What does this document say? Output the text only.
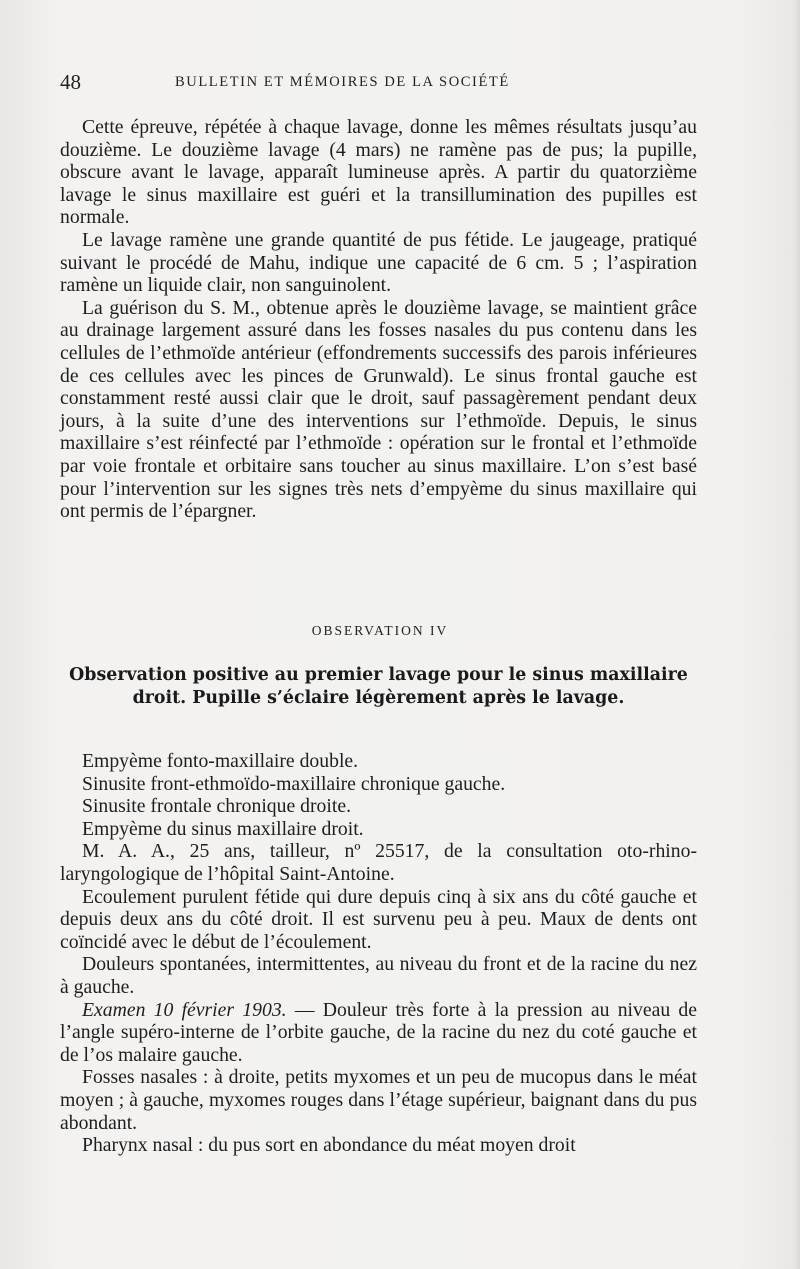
48	BULLETIN ET MÉMOIRES DE LA SOCIÉTÉ

Cette épreuve, répétée à chaque lavage, donne les mêmes résultats jusqu’au douzième. Le douzième lavage (4 mars) ne ramène pas de pus; la pupille, obscure avant le lavage, apparaît lumineuse après. A partir du quatorzième lavage le sinus maxillaire est guéri et la transillumination des pupilles est normale.

Le lavage ramène une grande quantité de pus fétide. Le jaugeage, pratiqué suivant le procédé de Mahu, indique une capacité de 6 cm. 5 ; l’aspiration ramène un liquide clair, non sanguinolent.

La guérison du S. M., obtenue après le douzième lavage, se maintient grâce au drainage largement assuré dans les fosses nasales du pus contenu dans les cellules de l’ethmoïde antérieur (effondrements successifs des parois inférieures de ces cellules avec les pinces de Grunwald). Le sinus frontal gauche est constamment resté aussi clair que le droit, sauf passagèrement pendant deux jours, à la suite d’une des interventions sur l’ethmoïde. Depuis, le sinus maxillaire s’est réinfecté par l’ethmoïde : opération sur le frontal et l’ethmoïde par voie frontale et orbitaire sans toucher au sinus maxillaire. L’on s’est basé pour l’intervention sur les signes très nets d’empyème du sinus maxillaire qui ont permis de l’épargner.

OBSERVATION IV
Observation positive au premier lavage pour le sinus maxillaire droit. Pupille s’éclaire légèrement après le lavage.
Empyème fonto-maxillaire double.
Sinusite front-ethmoïdo-maxillaire chronique gauche.
Sinusite frontale chronique droite.
Empyème du sinus maxillaire droit.

M. A. A., 25 ans, tailleur, nº 25517, de la consultation oto-rhino-laryngologique de l’hôpital Saint-Antoine.

Ecoulement purulent fétide qui dure depuis cinq à six ans du côté gauche et depuis deux ans du côté droit. Il est survenu peu à peu. Maux de dents ont coïncidé avec le début de l’écoulement.

Douleurs spontanées, intermittentes, au niveau du front et de la racine du nez à gauche.

Examen 10 février 1903. — Douleur très forte à la pression au niveau de l’angle supéro-interne de l’orbite gauche, de la racine du nez du coté gauche et de l’os malaire gauche.

Fosses nasales : à droite, petits myxomes et un peu de mucopus dans le méat moyen ; à gauche, myxomes rouges dans l’étage supérieur, baignant dans du pus abondant.

Pharynx nasal : du pus sort en abondance du méat moyen droit
